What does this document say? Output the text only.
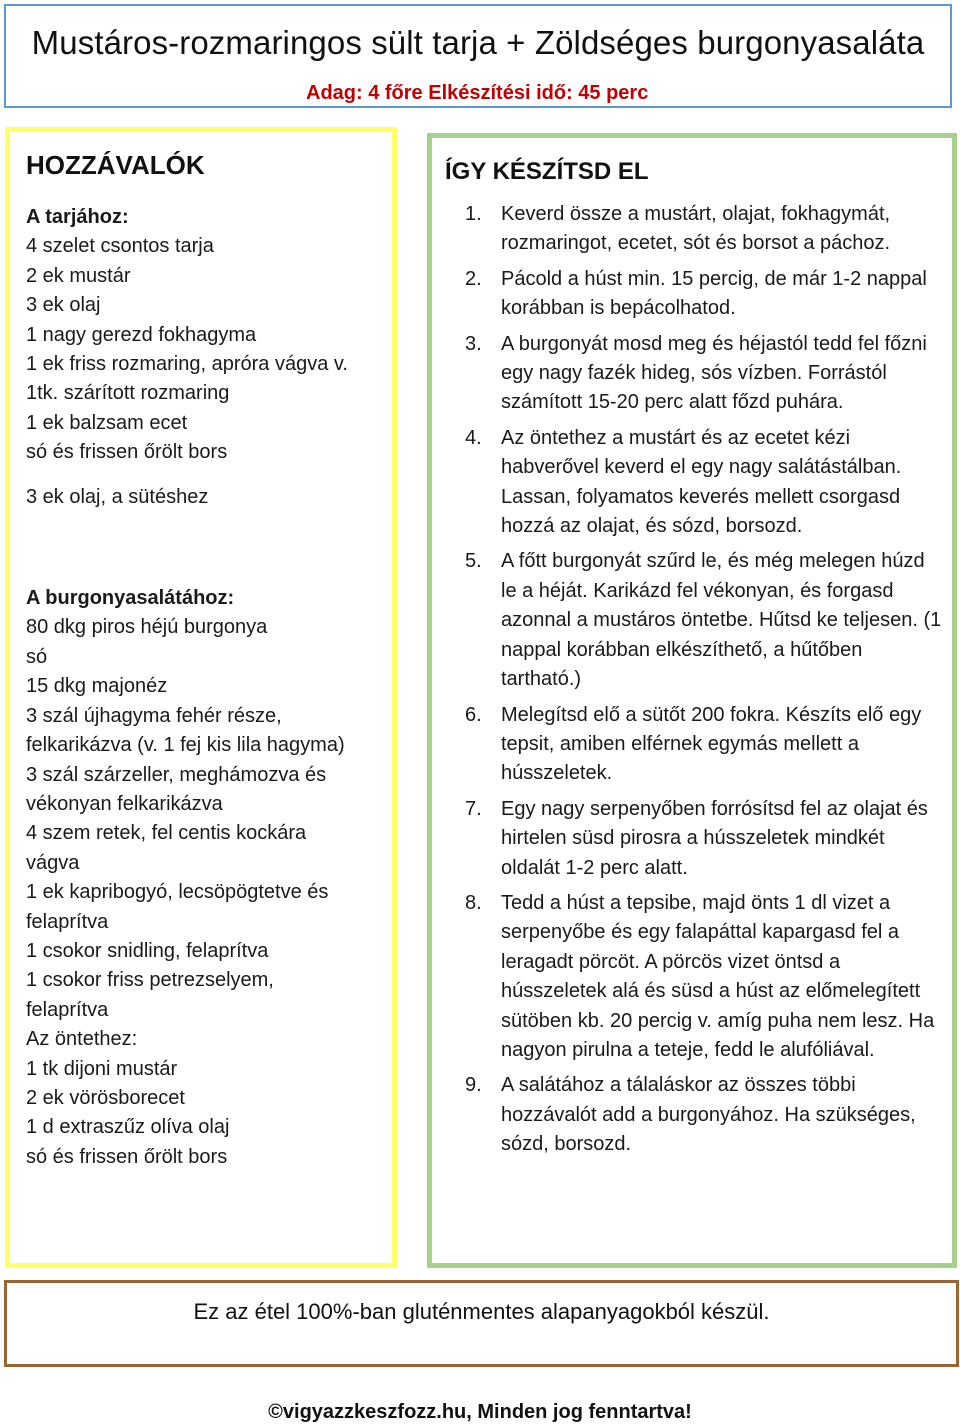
Mustáros-rozmaringos sült tarja + Zöldséges burgonyasaláta
Adag: 4 főre Elkészítési idő: 45 perc
HOZZÁVALÓK
A tarjához:
4 szelet csontos tarja
2 ek mustár
3 ek olaj
1 nagy gerezd fokhagyma
1 ek friss rozmaring, apróra vágva v.
1tk. szárított rozmaring
1 ek balzsam ecet
só és frissen őrölt bors
3 ek olaj, a sütéshez
A burgonyasalátához:
80 dkg piros héjú burgonya
só
15 dkg majonéz
3 szál újhagyma fehér része,
felkarikázva (v. 1 fej kis lila hagyma)
3 szál szárzeller, meghámozva és
vékonyan felkarikázva
4 szem retek, fel centis kockára
vágva
1 ek kapribogyó, lecsöpögtetve és
felaprítva
1 csokor snidling, felaprítva
1 csokor friss petrezselyem,
felaprítva
Az öntethez:
1 tk dijoni mustár
2 ek vörösborecet
1 d extraszűz olíva olaj
só és frissen őrölt bors
ÍGY KÉSZÍTSD EL
1. Keverd össze a mustárt, olajat, fokhagymát, rozmaringot, ecetet, sót és borsot a páchoz.
2. Pácold a húst min. 15 percig, de már 1-2 nappal korábban is bepácolhatod.
3. A burgonyát mosd meg és héjastól tedd fel főzni egy nagy fazék hideg, sós vízben. Forrástól számított 15-20 perc alatt főzd puhára.
4. Az öntethez a mustárt és az ecetet kézi habverővel keverd el egy nagy salátástálban. Lassan, folyamatos keverés mellett csorgasd hozzá az olajat, és sózd, borsozd.
5. A főtt burgonyát szűrd le, és még melegen húzd le a héját. Karikázd fel vékonyan, és forgasd azonnal a mustáros öntetbe. Hűtsd ke teljesen. (1 nappal korábban elkészíthető, a hűtőben tartható.)
6. Melegítsd elő a sütőt 200 fokra. Készíts elő egy tepsit, amiben elférnek egymás mellett a hússzeletek.
7. Egy nagy serpenyőben forrósítsd fel az olajat és hirtelen süsd pirosra a hússzeletek mindkét oldalát 1-2 perc alatt.
8. Tedd a húst a tepsibe, majd önts 1 dl vizet a serpenyőbe és egy falapáttal kapargasd fel a leragadt pörcöt. A pörcös vizet öntsd a hússzeletek alá és süsd a húst az előmelegített sütöben kb. 20 percig v. amíg puha nem lesz. Ha nagyon pirulna a teteje, fedd le alufóliával.
9. A salátához a tálaláskor az összes többi hozzávalót add a burgonyához. Ha szükséges, sózd, borsozd.
Ez az étel 100%-ban gluténmentes alapanyagokból készül.
©vigyazzkeszfozz.hu, Minden jog fenntartva!
